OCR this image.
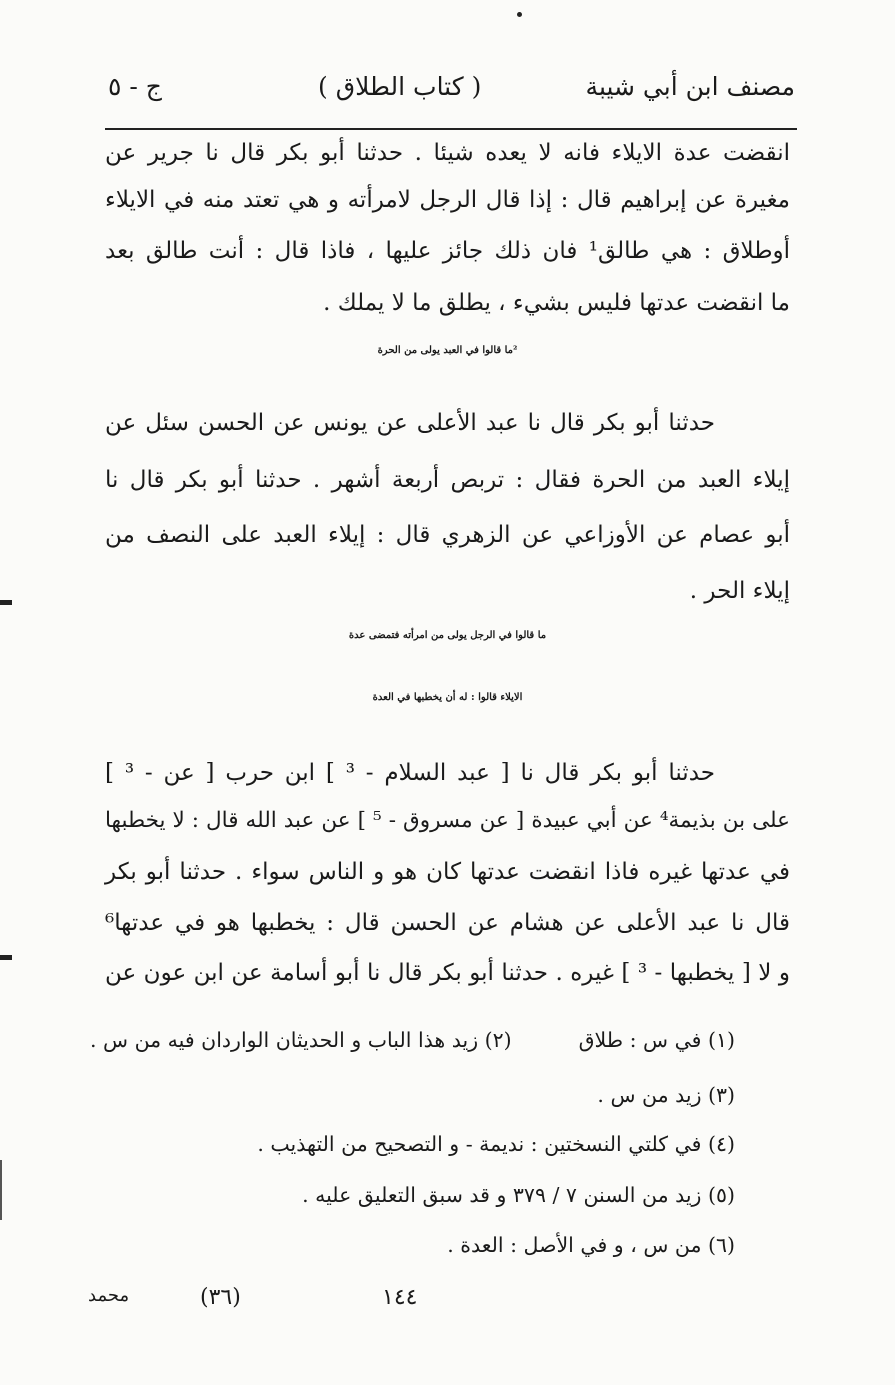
مصنف ابن أبي شيبة
( كتاب الطلاق )
ج - ٥
انقضت عدة الايلاء فانه لا يعده شيئا . حدثنا أبو بكر قال نا جرير عن
مغيرة عن إبراهيم قال : إذا قال الرجل لامرأته و هي تعتد منه في الايلاء
أوطلاق : هي طالق¹ فان ذلك جائز عليها ، فاذا قال : أنت طالق بعد
ما انقضت عدتها فليس بشيء ، يطلق ما لا يملك .
²ما قالوا في العبد يولى من الحرة
حدثنا أبو بكر قال نا عبد الأعلى عن يونس عن الحسن سئل عن
إيلاء العبد من الحرة فقال : تربص أربعة أشهر . حدثنا أبو بكر قال نا
أبو عصام عن الأوزاعي عن الزهري قال : إيلاء العبد على النصف من
إيلاء الحر .
ما قالوا في الرجل يولى من امرأته فتمضى عدة
الايلاء قالوا : له أن يخطبها في العدة
حدثنا أبو بكر قال نا [ عبد السلام - ³ ] ابن حرب [ عن - ³ ]
على بن بذيمة⁴ عن أبي عبيدة [ عن مسروق - ⁵ ] عن عبد الله قال : لا يخطبها
في عدتها غيره فاذا انقضت عدتها كان هو و الناس سواء . حدثنا أبو بكر
قال نا عبد الأعلى عن هشام عن الحسن قال : يخطبها هو في عدتها⁶
و لا [ يخطبها - ³ ] غيره . حدثنا أبو بكر قال نا أبو أسامة عن ابن عون عن
(١) في س : طلاق
(٢) زيد هذا الباب و الحديثان الواردان فيه من س .
(٣) زيد من س .
(٤) في كلتي النسختين : نديمة - و التصحيح من التهذيب .
(٥) زيد من السنن ٧ / ٣٧٩ و قد سبق التعليق عليه .
(٦) من س ، و في الأصل : العدة .
محمد	(٣٦)	١٤٤
